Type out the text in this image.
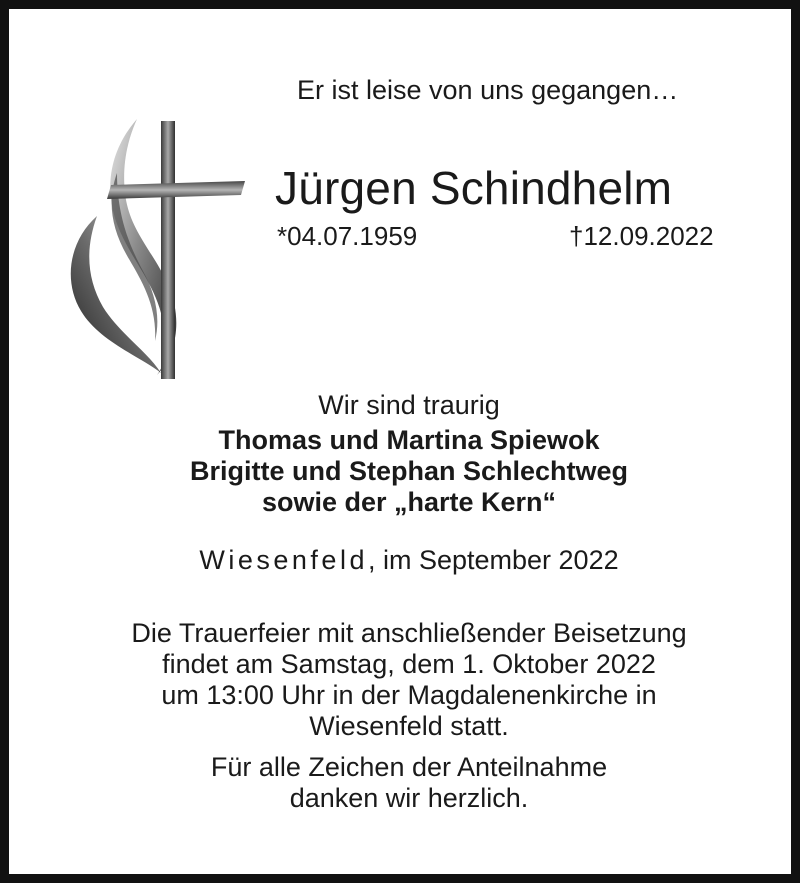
Er ist leise von uns gegangen…
Jürgen Schindhelm
*04.07.1959	†12.09.2022
Wir sind traurig
Thomas und Martina Spiewok
Brigitte und Stephan Schlechtweg
sowie der „harte Kern“
Wiesenfeld, im September 2022
Die Trauerfeier mit anschließender Beisetzung
findet am Samstag, dem 1. Oktober 2022
um 13:00 Uhr in der Magdalenenkirche in
Wiesenfeld statt.
Für alle Zeichen der Anteilnahme
danken wir herzlich.
